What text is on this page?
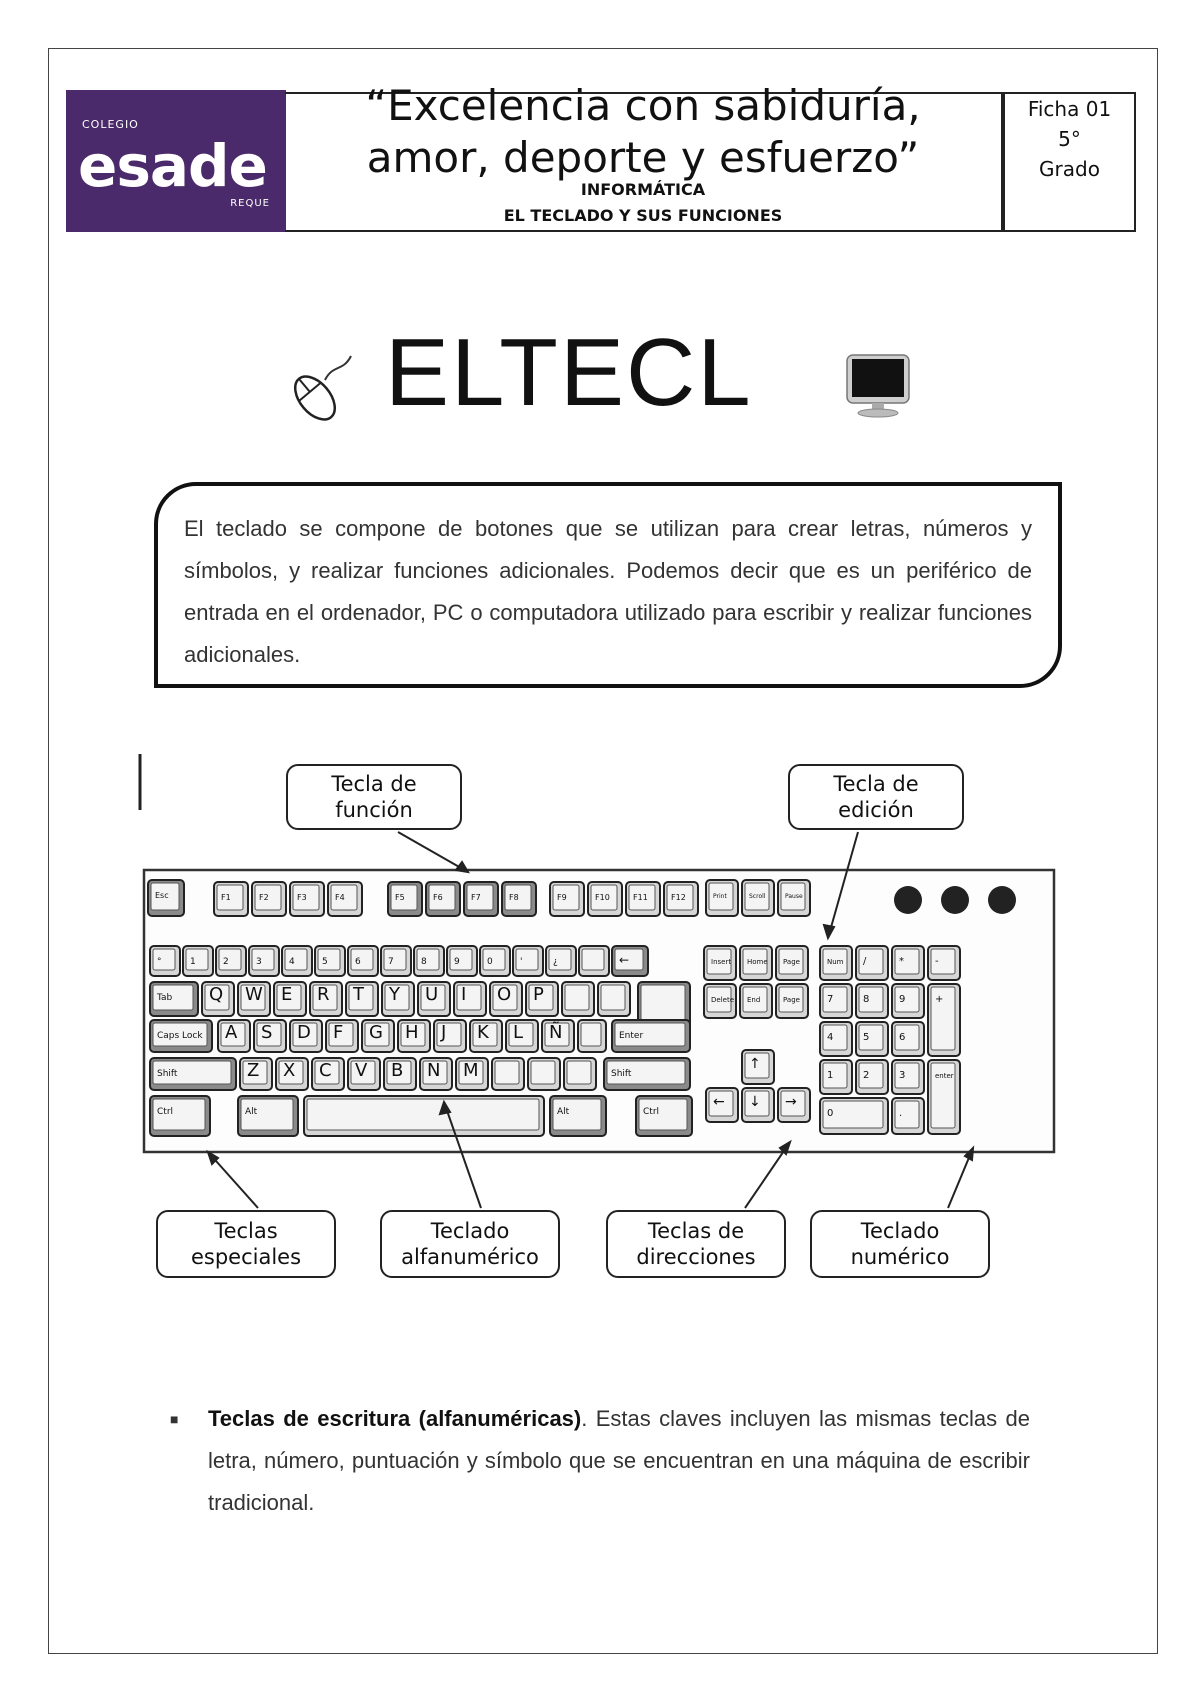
COLEGIO
esade
REQUE
“Excelencia con sabiduría,
amor, deporte y esfuerzo”
INFORMÁTICA
EL TECLADO Y SUS FUNCIONES
Ficha 01
5°
Grado
ELTECL
El teclado se compone de botones que se utilizan para crear letras, números y símbolos, y realizar funciones adicionales. Podemos decir que es un periférico de entrada en el ordenador, PC o computadora utilizado para escribir y realizar funciones adicionales.
Esc	F1	F2	F3	F4	F5	F6	F7	F8	F9	F10	F11	F12	Print	Scroll	Pause
°	1	2	3	4	5	6	7	8	9	0	'	¿	←
Tab Q W E R T Y U I O P
Caps Lock A S D F G H J K L Ñ	Enter
Shift	Z X C V B N M	Shift
Ctrl	Alt	Alt	Ctrl
Insert Home Page
Delete End	Page
↑
← ↓ →
Num /	*	-
7	8	9	+
4	5	6
1	2	3	enter
0	.
Tecla de
función
Tecla de
edición
Teclas
especiales
Teclado
alfanumérico
Teclas de
direcciones
Teclado
numérico
■ Teclas de escritura (alfanuméricas). Estas claves incluyen las mismas teclas de letra, número, puntuación y símbolo que se encuentran en una máquina de escribir tradicional.
